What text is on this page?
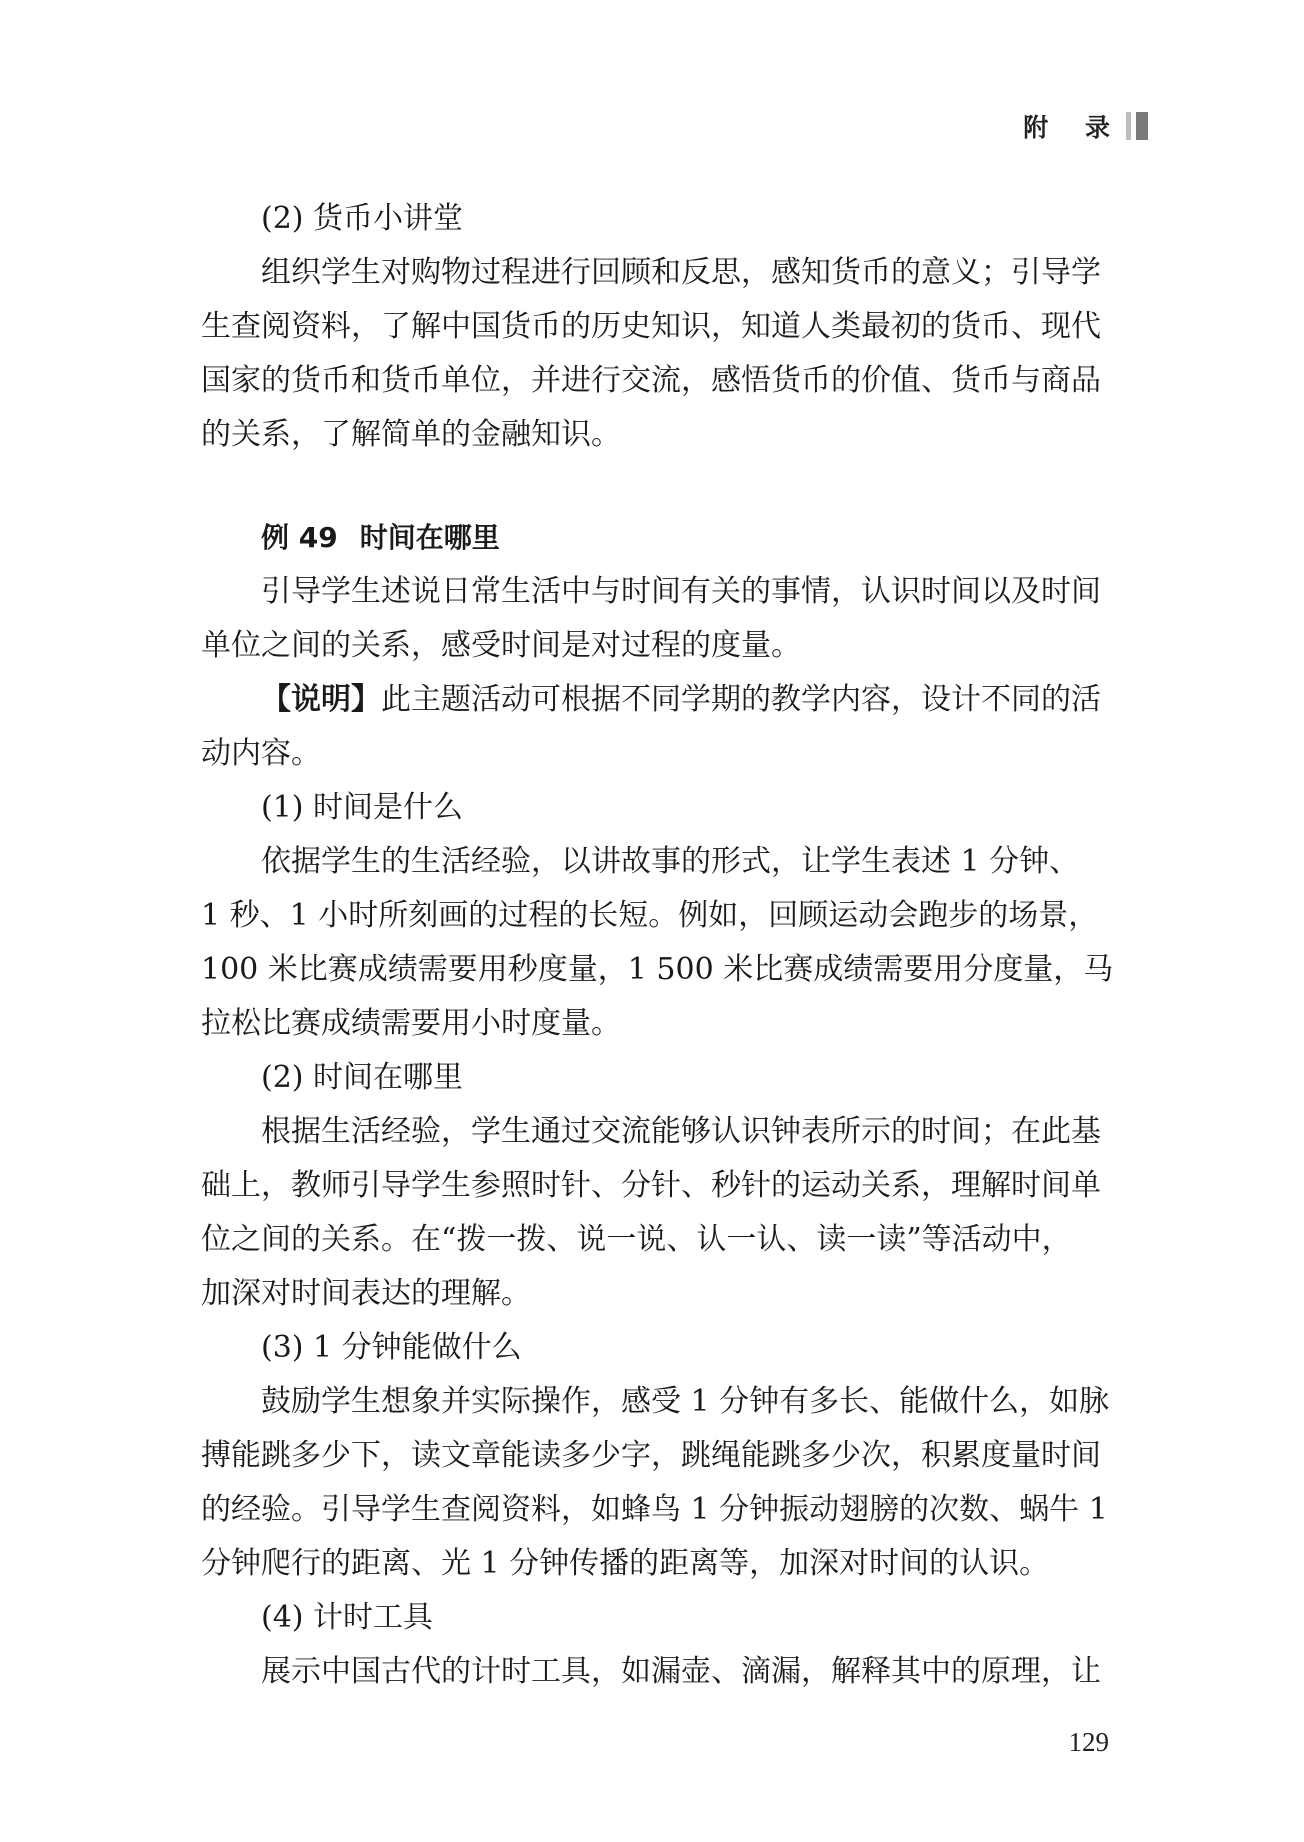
附 录
(2) 货币小讲堂
组织学生对购物过程进行回顾和反思，感知货币的意义；引导学
生查阅资料，了解中国货币的历史知识，知道人类最初的货币、现代
国家的货币和货币单位，并进行交流，感悟货币的价值、货币与商品
的关系，了解简单的金融知识。
例 49 时间在哪里
引导学生述说日常生活中与时间有关的事情，认识时间以及时间
单位之间的关系，感受时间是对过程的度量。
【说明】此主题活动可根据不同学期的教学内容，设计不同的活
动内容。
(1) 时间是什么
依据学生的生活经验，以讲故事的形式，让学生表述 1 分钟、
1 秒、1 小时所刻画的过程的长短。例如，回顾运动会跑步的场景，
100 米比赛成绩需要用秒度量，1 500 米比赛成绩需要用分度量，马
拉松比赛成绩需要用小时度量。
(2) 时间在哪里
根据生活经验，学生通过交流能够认识钟表所示的时间；在此基
础上，教师引导学生参照时针、分针、秒针的运动关系，理解时间单
位之间的关系。在“拨一拨、说一说、认一认、读一读”等活动中，
加深对时间表达的理解。
(3) 1 分钟能做什么
鼓励学生想象并实际操作，感受 1 分钟有多长、能做什么，如脉
搏能跳多少下，读文章能读多少字，跳绳能跳多少次，积累度量时间
的经验。引导学生查阅资料，如蜂鸟 1 分钟振动翅膀的次数、蜗牛 1
分钟爬行的距离、光 1 分钟传播的距离等，加深对时间的认识。
(4) 计时工具
展示中国古代的计时工具，如漏壶、滴漏，解释其中的原理，让
129
